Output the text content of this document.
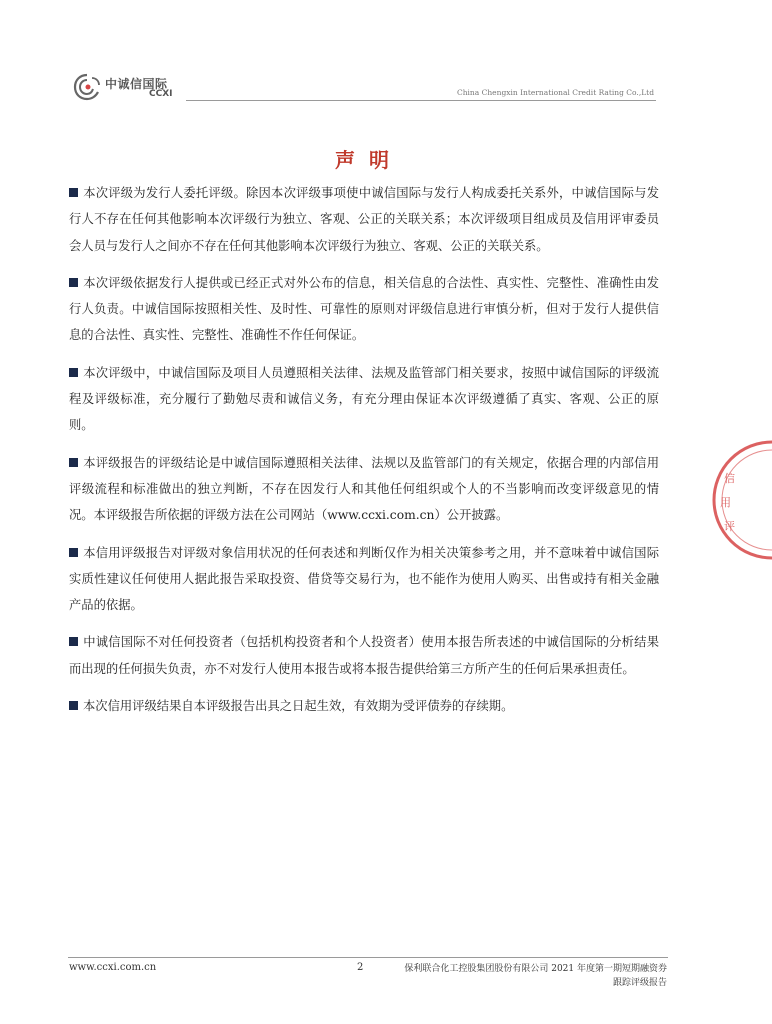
中诚信国际
CCXI	China Chengxin International Credit Rating Co.,Ltd
声明

本次评级为发行人委托评级。除因本次评级事项使中诚信国际与发行人构成委托关系外，中诚信国际与发行人不存在任何其他影响本次评级行为独立、客观、公正的关联关系；本次评级项目组成员及信用评审委员会人员与发行人之间亦不存在任何其他影响本次评级行为独立、客观、公正的关联关系。

本次评级依据发行人提供或已经正式对外公布的信息，相关信息的合法性、真实性、完整性、准确性由发行人负责。中诚信国际按照相关性、及时性、可靠性的原则对评级信息进行审慎分析，但对于发行人提供信息的合法性、真实性、完整性、准确性不作任何保证。

本次评级中，中诚信国际及项目人员遵照相关法律、法规及监管部门相关要求，按照中诚信国际的评级流程及评级标准，充分履行了勤勉尽责和诚信义务，有充分理由保证本次评级遵循了真实、客观、公正的原则。

本评级报告的评级结论是中诚信国际遵照相关法律、法规以及监管部门的有关规定，依据合理的内部信用评级流程和标准做出的独立判断，不存在因发行人和其他任何组织或个人的不当影响而改变评级意见的情况。本评级报告所依据的评级方法在公司网站（www.ccxi.com.cn）公开披露。

本信用评级报告对评级对象信用状况的任何表述和判断仅作为相关决策参考之用，并不意味着中诚信国际实质性建议任何使用人据此报告采取投资、借贷等交易行为，也不能作为使用人购买、出售或持有相关金融产品的依据。

中诚信国际不对任何投资者（包括机构投资者和个人投资者）使用本报告所表述的中诚信国际的分析结果而出现的任何损失负责，亦不对发行人使用本报告或将本报告提供给第三方所产生的任何后果承担责任。

本次信用评级结果自本评级报告出具之日起生效，有效期为受评债券的存续期。

信
用
评
www.ccxi.com.cn	2	保利联合化工控股集团股份有限公司 2021 年度第一期短期融资券
跟踪评级报告
